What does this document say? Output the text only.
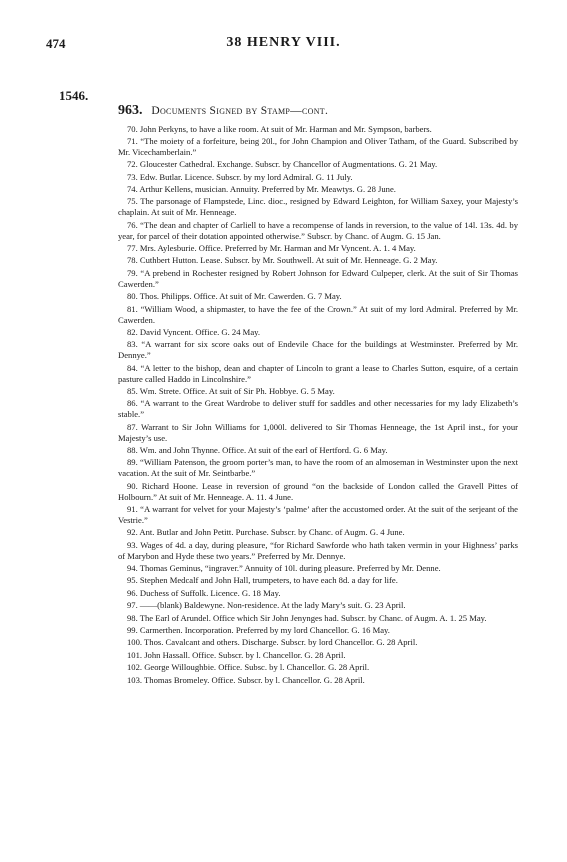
474	38 HENRY VIII.
1546.
963. Documents Signed by Stamp—cont.

70. John Perkyns, to have a like room. At suit of Mr. Harman and Mr. Sympson, barbers.

71. “The moiety of a forfeiture, being 20l., for John Champion and Oliver Tatham, of the Guard. Subscribed by Mr. Vicechamberlain.”

72. Gloucester Cathedral. Exchange. Subscr. by Chancellor of Augmentations. G. 21 May.

73. Edw. Butlar. Licence. Subscr. by my lord Admiral. G. 11 July.

74. Arthur Kellens, musician. Annuity. Preferred by Mr. Meawtys. G. 28 June.

75. The parsonage of Flampstede, Linc. dioc., resigned by Edward Leighton, for William Saxey, your Majesty’s chaplain. At suit of Mr. Henneage.

76. “The dean and chapter of Carliell to have a recompense of lands in reversion, to the value of 14l. 13s. 4d. by year, for parcel of their dotation appointed otherwise.” Subscr. by Chanc. of Augm. G. 15 Jan.

77. Mrs. Aylesburie. Office. Preferred by Mr. Harman and Mr Vyncent. A. 1. 4 May.

78. Cuthbert Hutton. Lease. Subscr. by Mr. Southwell. At suit of Mr. Henneage. G. 2 May.

79. “A prebend in Rochester resigned by Robert Johnson for Edward Culpeper, clerk. At the suit of Sir Thomas Cawerden.”

80. Thos. Philipps. Office. At suit of Mr. Cawerden. G. 7 May.

81. “William Wood, a shipmaster, to have the fee of the Crown.” At suit of my lord Admiral. Preferred by Mr. Cawerden.

82. David Vyncent. Office. G. 24 May.

83. “A warrant for six score oaks out of Endevile Chace for the buildings at Westminster. Preferred by Mr. Dennye.”

84. “A letter to the bishop, dean and chapter of Lincoln to grant a lease to Charles Sutton, esquire, of a certain pasture called Haddo in Lincolnshire.”

85. Wm. Strete. Office. At suit of Sir Ph. Hobbye. G. 5 May.

86. “A warrant to the Great Wardrobe to deliver stuff for saddles and other necessaries for my lady Elizabeth’s stable.”

87. Warrant to Sir John Williams for 1,000l. delivered to Sir Thomas Henneage, the 1st April inst., for your Majesty’s use.

88. Wm. and John Thynne. Office. At suit of the earl of Hertford. G. 6 May.

89. “William Patenson, the groom porter’s man, to have the room of an almoseman in Westminster upon the next vacation. At the suit of Mr. Seintbarbe.”

90. Richard Hoone. Lease in reversion of ground “on the backside of London called the Gravell Pittes of Holbourn.” At suit of Mr. Henneage. A. 11. 4 June.

91. “A warrant for velvet for your Majesty’s ‘palme’ after the accustomed order. At the suit of the serjeant of the Vestrie.”

92. Ant. Butlar and John Petitt. Purchase. Subscr. by Chanc. of Augm. G. 4 June.

93. Wages of 4d. a day, during pleasure, “for Richard Sawforde who hath taken vermin in your Highness’ parks of Marybon and Hyde these two years.” Preferred by Mr. Dennye.

94. Thomas Geminus, “ingraver.” Annuity of 10l. during pleasure. Preferred by Mr. Denne.

95. Stephen Medcalf and John Hall, trumpeters, to have each 8d. a day for life.

96. Duchess of Suffolk. Licence. G. 18 May.

97. ——(blank) Baldewyne. Non-residence. At the lady Mary’s suit. G. 23 April.

98. The Earl of Arundel. Office which Sir John Jenynges had. Subscr. by Chanc. of Augm. A. 1. 25 May.

99. Carmerthen. Incorporation. Preferred by my lord Chancellor. G. 16 May.

100. Thos. Cavalcant and others. Discharge. Subscr. by lord Chancellor. G. 28 April.

101. John Hassall. Office. Subscr. by l. Chancellor. G. 28 April.

102. George Willoughbie. Office. Subsc. by l. Chancellor. G. 28 April.

103. Thomas Bromeley. Office. Subscr. by l. Chancellor. G. 28 April.
